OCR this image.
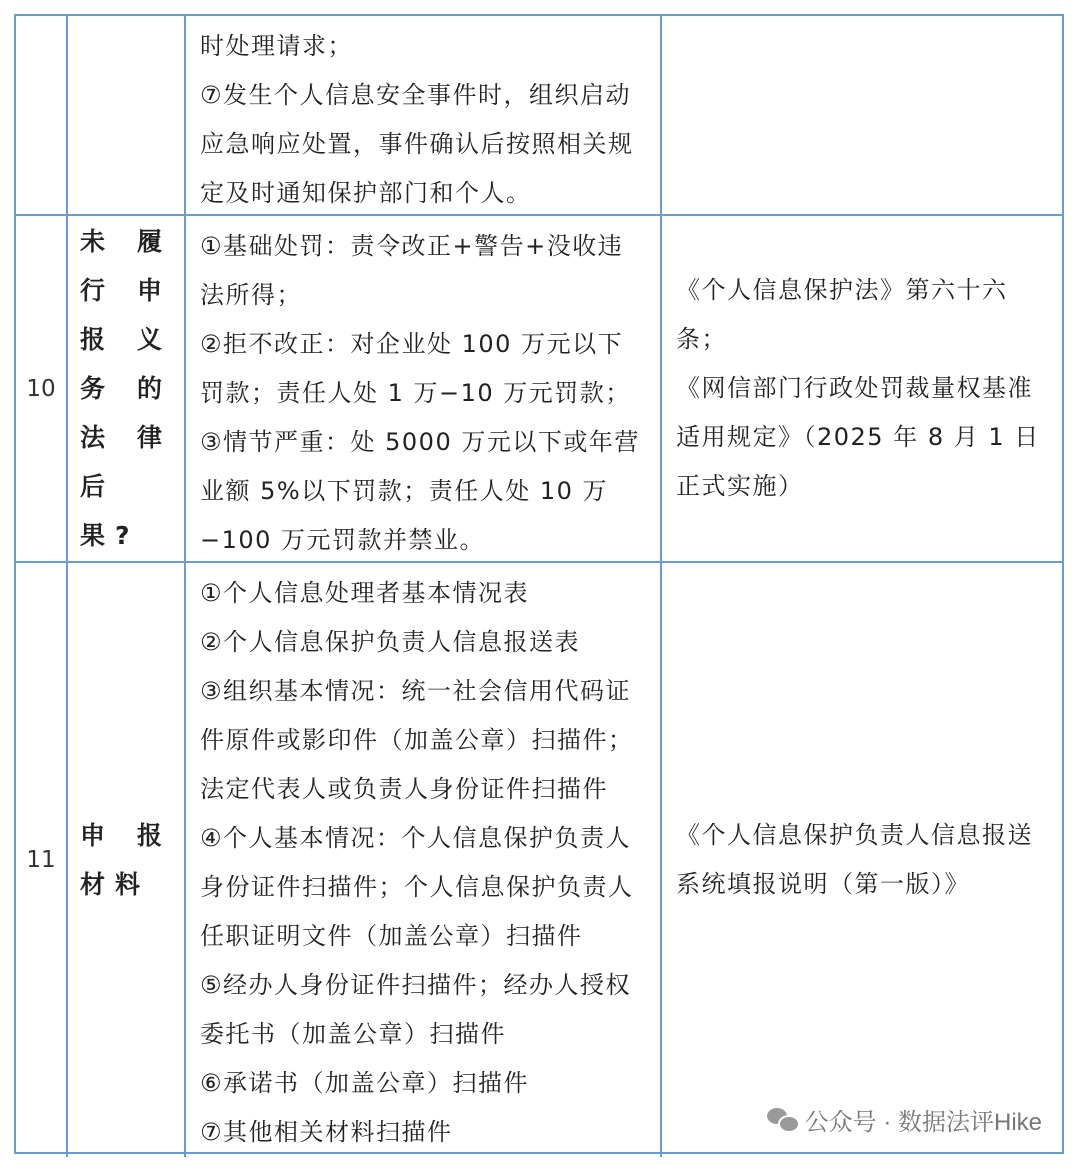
时处理请求；

⑦发生个人信息安全事件时，组织启动应急响应处置，事件确认后按照相关规定及时通知保护部门和个人。

10
未履行申报义务的法律后果?

①基础处罚：责令改正+警告+没收违法所得；

②拒不改正：对企业处 100 万元以下罚款；责任人处 1 万−10 万元罚款；

③情节严重：处 5000 万元以下或年营业额 5%以下罚款；责任人处 10 万−100 万元罚款并禁业。

《个人信息保护法》第六十六条；

《网信部门行政处罚裁量权基准适用规定》（2025 年 8 月 1 日正式实施）

11
申报材料

①个人信息处理者基本情况表

②个人信息保护负责人信息报送表

③组织基本情况：统一社会信用代码证件原件或影印件（加盖公章）扫描件；法定代表人或负责人身份证件扫描件

④个人基本情况：个人信息保护负责人身份证件扫描件；个人信息保护负责人任职证明文件（加盖公章）扫描件

⑤经办人身份证件扫描件；经办人授权委托书（加盖公章）扫描件

⑥承诺书（加盖公章）扫描件

⑦其他相关材料扫描件

《个人信息保护负责人信息报送系统填报说明（第一版）》

公众号 · 数据法评Hike
